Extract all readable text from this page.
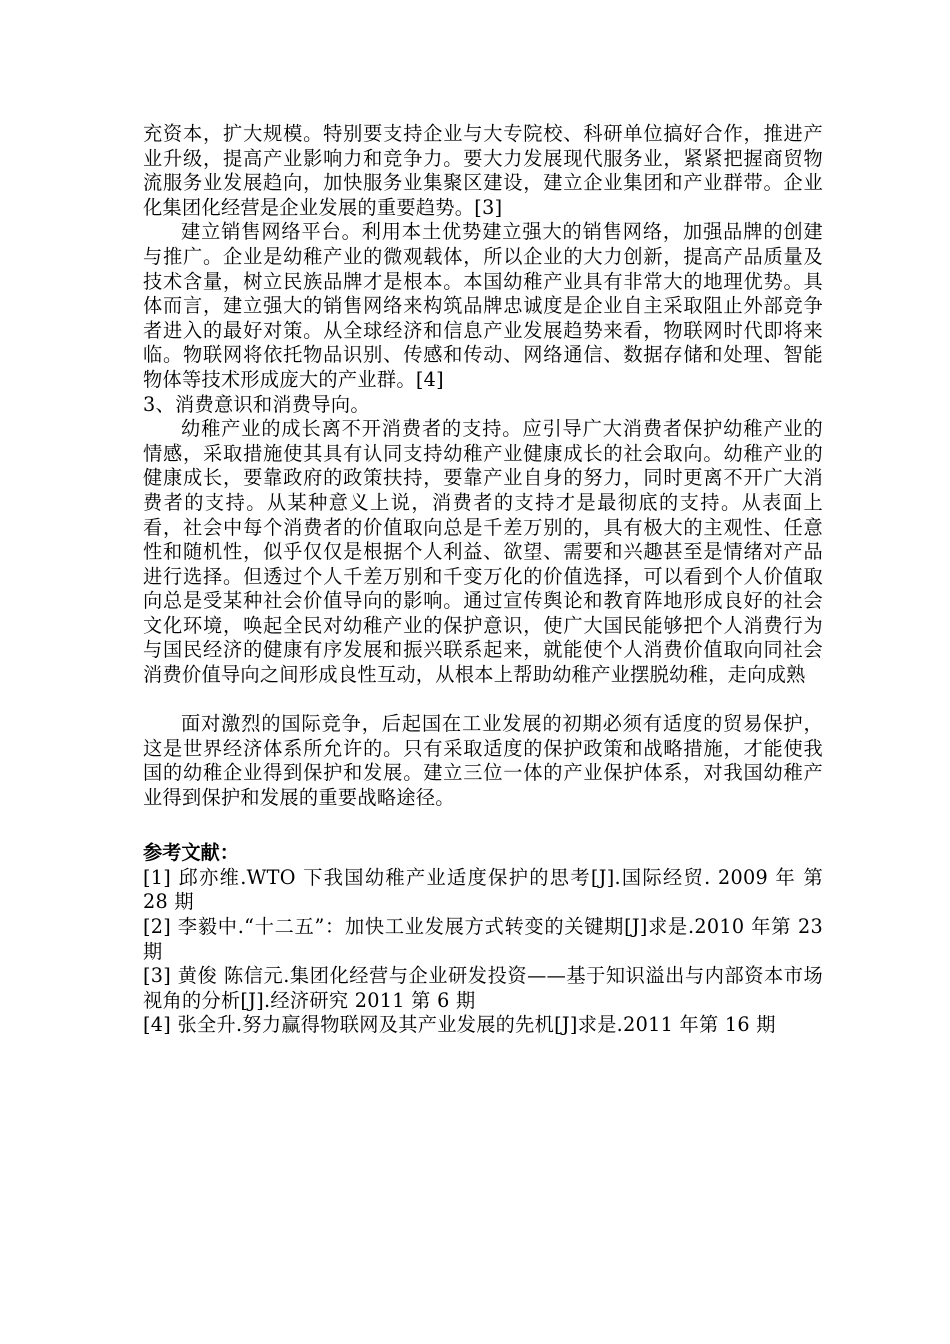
充资本，扩大规模。特别要支持企业与大专院校、科研单位搞好合作，推进产业升级，提高产业影响力和竞争力。要大力发展现代服务业，紧紧把握商贸物流服务业发展趋向，加快服务业集聚区建设，建立企业集团和产业群带。企业化集团化经营是企业发展的重要趋势。[3]

建立销售网络平台。利用本土优势建立强大的销售网络，加强品牌的创建与推广。企业是幼稚产业的微观载体，所以企业的大力创新，提高产品质量及技术含量，树立民族品牌才是根本。本国幼稚产业具有非常大的地理优势。具体而言，建立强大的销售网络来构筑品牌忠诚度是企业自主采取阻止外部竞争者进入的最好对策。从全球经济和信息产业发展趋势来看，物联网时代即将来临。物联网将依托物品识别、传感和传动、网络通信、数据存储和处理、智能物体等技术形成庞大的产业群。[4]

3、消费意识和消费导向。

幼稚产业的成长离不开消费者的支持。应引导广大消费者保护幼稚产业的情感，采取措施使其具有认同支持幼稚产业健康成长的社会取向。幼稚产业的健康成长，要靠政府的政策扶持，要靠产业自身的努力，同时更离不开广大消费者的支持。从某种意义上说，消费者的支持才是最彻底的支持。从表面上看，社会中每个消费者的价值取向总是千差万别的，具有极大的主观性、任意性和随机性，似乎仅仅是根据个人利益、欲望、需要和兴趣甚至是情绪对产品进行选择。但透过个人千差万别和千变万化的价值选择，可以看到个人价值取向总是受某种社会价值导向的影响。通过宣传舆论和教育阵地形成良好的社会文化环境，唤起全民对幼稚产业的保护意识，使广大国民能够把个人消费行为与国民经济的健康有序发展和振兴联系起来，就能使个人消费价值取向同社会消费价值导向之间形成良性互动，从根本上帮助幼稚产业摆脱幼稚，走向成熟

面对激烈的国际竞争，后起国在工业发展的初期必须有适度的贸易保护，这是世界经济体系所允许的。只有采取适度的保护政策和战略措施，才能使我国的幼稚企业得到保护和发展。建立三位一体的产业保护体系，对我国幼稚产业得到保护和发展的重要战略途径。

参考文献：

[1] 邱亦维.WTO 下我国幼稚产业适度保护的思考[J].国际经贸. 2009 年 第 28 期

[2] 李毅中.“十二五”：加快工业发展方式转变的关键期[J]求是.2010 年第 23 期

[3] 黄俊 陈信元.集团化经营与企业研发投资——基于知识溢出与内部资本市场视角的分析[J].经济研究 2011 第 6 期

[4] 张全升.努力赢得物联网及其产业发展的先机[J]求是.2011 年第 16 期
